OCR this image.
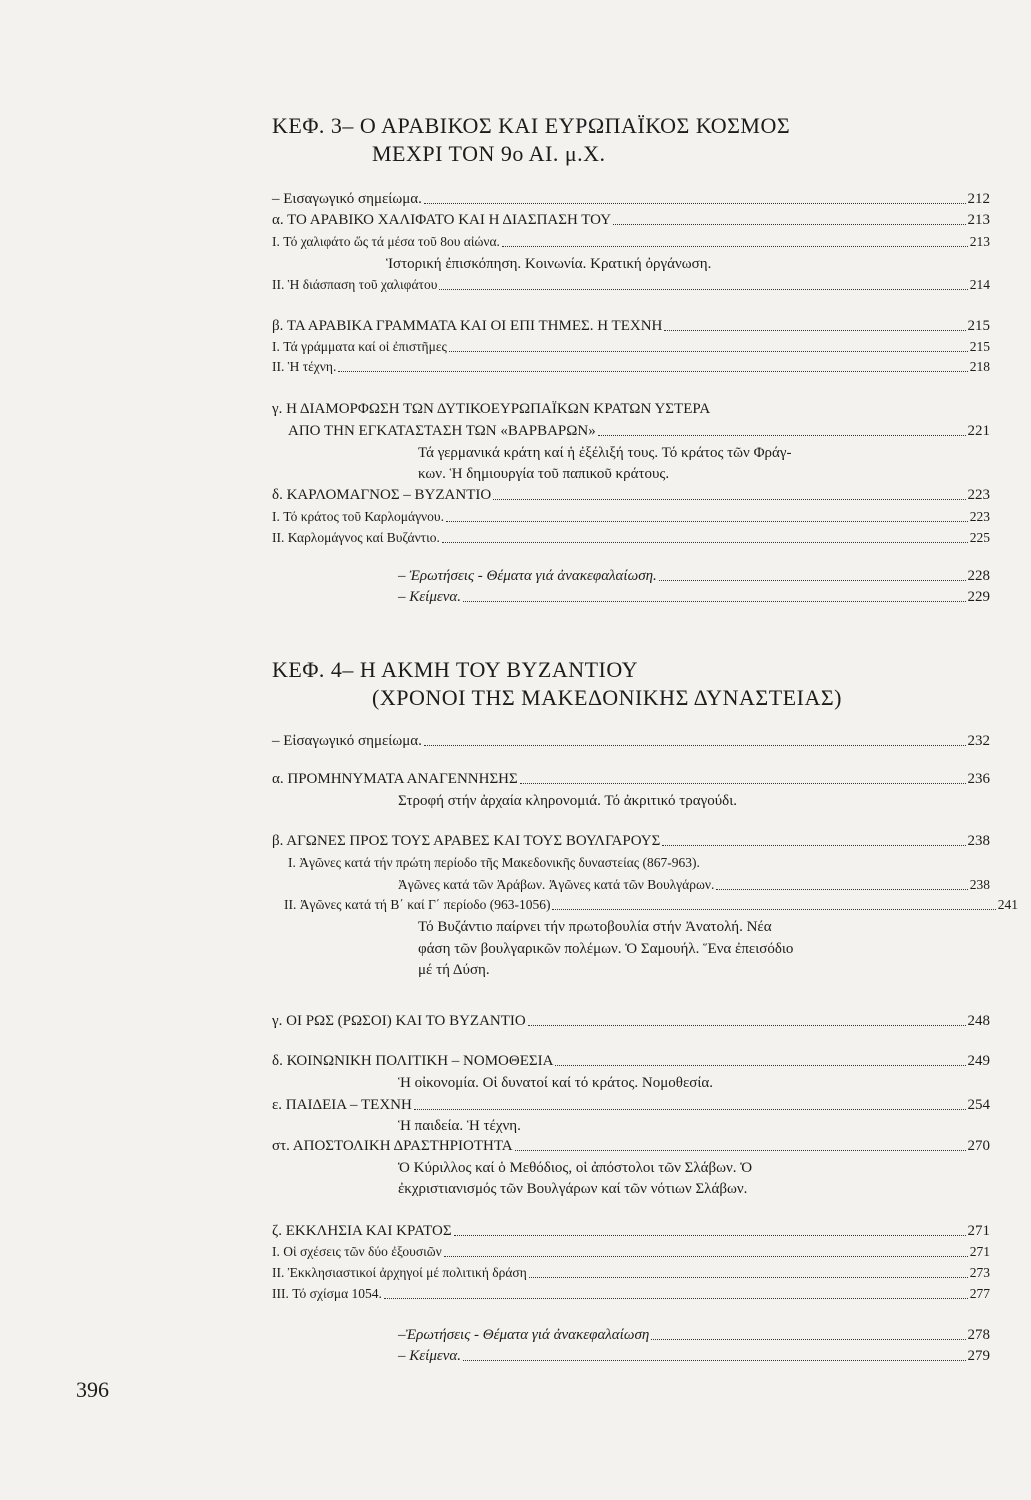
ΚΕΦ. 3– Ο ΑΡΑΒΙΚΟΣ ΚΑΙ ΕΥΡΩΠΑΪΚΟΣ ΚΟΣΜΟΣ
ΜΕΧΡΙ ΤΟΝ 9ο ΑΙ. μ.Χ.
– Εισαγωγικό σημείωμα.	212
α. ΤΟ ΑΡΑΒΙΚΟ ΧΑΛΙΦΑΤΟ ΚΑΙ Η ΔΙΑΣΠΑΣΗ ΤΟΥ	213
I. Τό χαλιφάτο ὥς τά μέσα τοῦ 8ου αἰώνα.	213
Ἱστορική ἐπισκόπηση. Κοινωνία. Κρατική ὀργάνωση.
II. Ἡ διάσπαση τοῦ χαλιφάτου	214
β. ΤΑ ΑΡΑΒΙΚΑ ΓΡΑΜΜΑΤΑ ΚΑΙ ΟΙ ΕΠΙ ΤΗΜΕΣ. Η ΤΕΧΝΗ	215
I. Τά γράμματα καί οἱ ἐπιστῆμες	215
II. Ἡ τέχνη.	218
γ. Η ΔΙΑΜΟΡΦΩΣΗ ΤΩΝ ΔΥΤΙΚΟΕΥΡΩΠΑΪΚΩΝ ΚΡΑΤΩΝ ΥΣΤΕΡΑ
ΑΠΟ ΤΗΝ ΕΓΚΑΤΑΣΤΑΣΗ ΤΩΝ «ΒΑΡΒΑΡΩΝ»	221
Τά γερμανικά κράτη καί ἡ ἐξέλιξή τους. Τό κράτος τῶν Φράγ-
κων. Ἡ δημιουργία τοῦ παπικοῦ κράτους.
δ. ΚΑΡΛΟΜΑΓΝΟΣ – ΒΥΖΑΝΤΙΟ	223
I. Τό κράτος τοῦ Καρλομάγνου.	223
II. Καρλομάγνος καί Βυζάντιο.	225
– Ἐρωτήσεις - Θέματα γιά ἀνακεφαλαίωση.	228
– Κείμενα.	229
ΚΕΦ. 4– Η ΑΚΜΗ ΤΟΥ ΒΥΖΑΝΤΙΟΥ
(ΧΡΟΝΟΙ ΤΗΣ ΜΑΚΕΔΟΝΙΚΗΣ ΔΥΝΑΣΤΕΙΑΣ)
– Εἰσαγωγικό σημείωμα.	232
α. ΠΡΟΜΗΝΥΜΑΤΑ ΑΝΑΓΕΝΝΗΣΗΣ	236
Στροφή στήν ἀρχαία κληρονομιά. Τό ἀκριτικό τραγούδι.
β. ΑΓΩΝΕΣ ΠΡΟΣ ΤΟΥΣ ΑΡΑΒΕΣ ΚΑΙ ΤΟΥΣ ΒΟΥΛΓΑΡΟΥΣ	238
I. Ἀγῶνες κατά τήν πρώτη περίοδο τῆς Μακεδονικῆς δυναστείας (867-963).
Ἀγῶνες κατά τῶν Ἀράβων. Ἀγῶνες κατά τῶν Βουλγάρων.	238
II. Ἀγῶνες κατά τή Β΄ καί Γ΄ περίοδο (963-1056)	241
Τό Βυζάντιο παίρνει τήν πρωτοβουλία στήν Ἀνατολή. Νέα
φάση τῶν βουλγαρικῶν πολέμων. Ὁ Σαμουήλ. Ἕνα ἐπεισόδιο
μέ τή Δύση.
γ. ΟΙ ΡΩΣ (ΡΩΣΟΙ) ΚΑΙ ΤΟ ΒΥΖΑΝΤΙΟ	248
δ. ΚΟΙΝΩΝΙΚΗ ΠΟΛΙΤΙΚΗ – ΝΟΜΟΘΕΣΙΑ	249
Ἡ οἰκονομία. Οἱ δυνατοί καί τό κράτος. Νομοθεσία.
ε. ΠΑΙΔΕΙΑ – ΤΕΧΝΗ	254
Ἡ παιδεία. Ἡ τέχνη.
στ. ΑΠΟΣΤΟΛΙΚΗ ΔΡΑΣΤΗΡΙΟΤΗΤΑ	270
Ὁ Κύριλλος καί ὁ Μεθόδιος, οἱ ἀπόστολοι τῶν Σλάβων. Ὁ
ἐκχριστιανισμός τῶν Βουλγάρων καί τῶν νότιων Σλάβων.
ζ. ΕΚΚΛΗΣΙΑ ΚΑΙ ΚΡΑΤΟΣ	271
I. Οἱ σχέσεις τῶν δύο ἐξουσιῶν	271
II. Ἐκκλησιαστικοί ἀρχηγοί μέ πολιτική δράση	273
III. Τό σχίσμα 1054.	277
–Ἐρωτήσεις - Θέματα γιά ἀνακεφαλαίωση	278
– Κείμενα.	279
396
